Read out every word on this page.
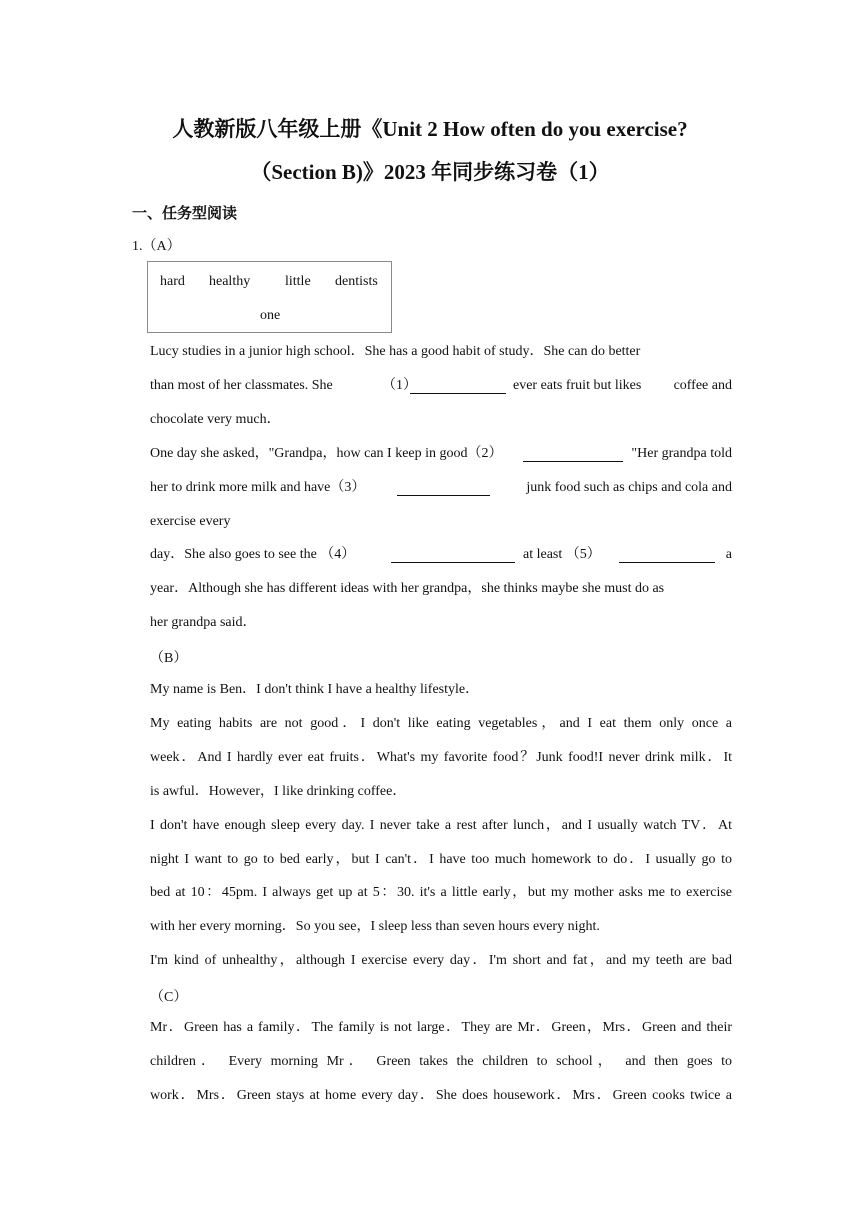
人教新版八年级上册《Unit 2 How often do you exercise?
（Section B)》2023 年同步练习卷（1）
一、任务型阅读
1.（A）
hard healthy little dentists
one
Lucy studies in a junior high school．She has a good habit of study．She can do better
than most of her classmates. She	（1）	ever eats fruit but likes coffee and
chocolate very much．
One day she asked，"Grandpa，how can I keep in good（2）	"Her grandpa told
her to drink more milk and have（3）	junk food such as chips and cola and
exercise every
day．She also goes to see the （4）	at least （5）	a
year．Although she has different ideas with her grandpa，she thinks maybe she must do as
her grandpa said．
（B）
My name is Ben．I don't think I have a healthy lifestyle．
My eating habits are not good．I don't like eating vegetables，and I eat them only once a
week．And I hardly ever eat fruits．What's my favorite food？Junk food!I never drink milk．It
is awful．However，I like drinking coffee．
I don't have enough sleep every day. I never take a rest after lunch，and I usually watch TV．At
night I want to go to bed early，but I can't．I have too much homework to do．I usually go to
bed at 10：45pm. I always get up at 5：30. it's a little early，but my mother asks me to exercise
with her every morning．So you see，I sleep less than seven hours every night.
I'm kind of unhealthy，although I exercise every day．I'm short and fat，and my teeth are bad
（C）
Mr．Green has a family．The family is not large．They are Mr．Green，Mrs．Green and their
children． Every morning Mr． Green takes the children to school， and then goes to
work．Mrs．Green stays at home every day．She does housework．Mrs．Green cooks twice a
